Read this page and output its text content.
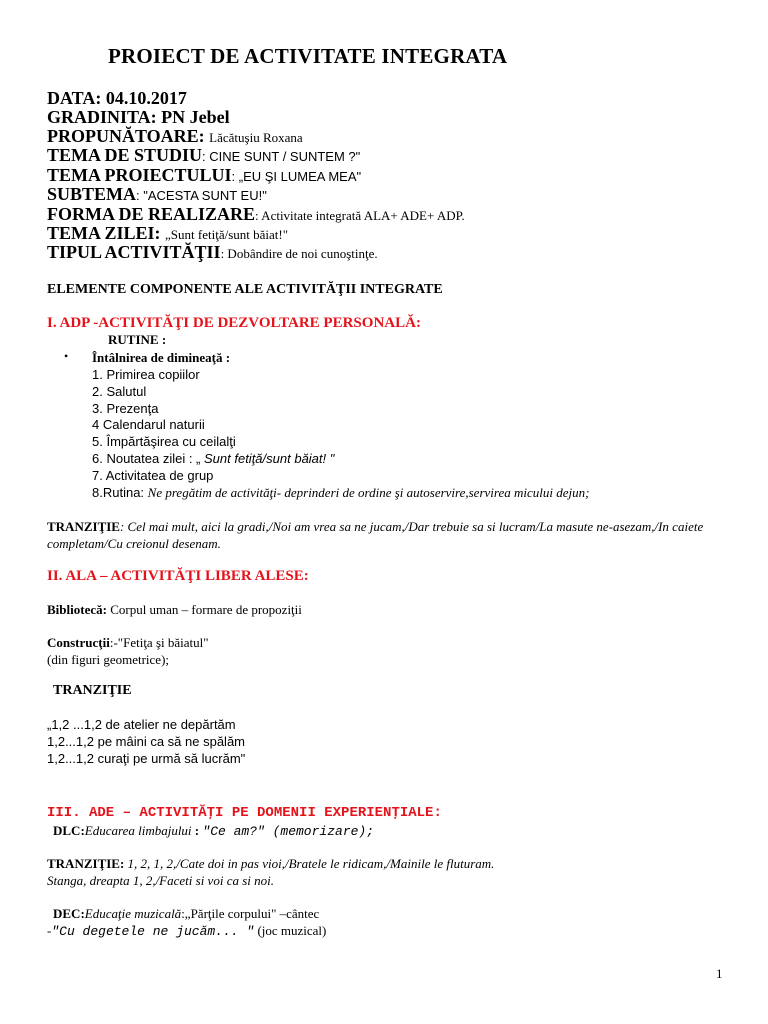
PROIECT DE ACTIVITATE INTEGRATA
DATA: 04.10.2017
GRADINITA: PN Jebel
PROPUNĂTOARE: Lăcătuşiu Roxana
TEMA DE STUDIU: CINE SUNT / SUNTEM ?"
TEMA PROIECTULUI: „EU ŞI LUMEA MEA"
SUBTEMA: "ACESTA SUNT EU!"
FORMA DE REALIZARE: Activitate integrată ALA+ ADE+ ADP.
TEMA ZILEI: „Sunt fetiţă/sunt băiat!"
TIPUL ACTIVITĂŢII: Dobândire de noi cunoştinţe.
ELEMENTE COMPONENTE ALE ACTIVITĂŢII INTEGRATE
I. ADP -ACTIVITĂŢI DE DEZVOLTARE PERSONALĂ:
RUTINE :
• Întâlnirea de dimineaţă :
1. Primirea copiilor
2. Salutul
3. Prezenţa
4 Calendarul naturii
5. Împărtăşirea cu ceilalţi
6. Noutatea zilei : „ Sunt fetiţă/sunt băiat! "
7. Activitatea de grup
8.Rutina: Ne pregătim de activităţi- deprinderi de ordine şi autoservire,servirea micului dejun;
TRANZIŢIE: Cel mai mult, aici la gradi,/Noi am vrea sa ne jucam,/Dar trebuie sa si lucram/La masute ne-asezam,/In caiete completam/Cu creionul desenam.
II. ALA – ACTIVITĂŢI LIBER ALESE:
Bibliotecă: Corpul uman – formare de propoziţii
Construcţii:-"Fetiţa şi băiatul"
(din figuri geometrice);
TRANZIŢIE
„1,2 ...1,2 de atelier ne depărtăm
1,2...1,2 pe mâini ca să ne spălăm
1,2...1,2 curaţi pe urmă să lucrăm"
III. ADE – ACTIVITĂŢI PE DOMENII EXPERIENŢIALE:
DLC:Educarea limbajului : "Ce am?" (memorizare);
TRANZIŢIE: 1, 2, 1, 2,/Cate doi in pas vioi,/Bratele le ridicam,/Mainile le fluturam.
Stanga, dreapta 1, 2,/Faceti si voi ca si noi.
DEC:Educaţie muzicală:„Părţile corpului" –cântec
-"Cu degetele ne jucăm... " (joc muzical)
1
